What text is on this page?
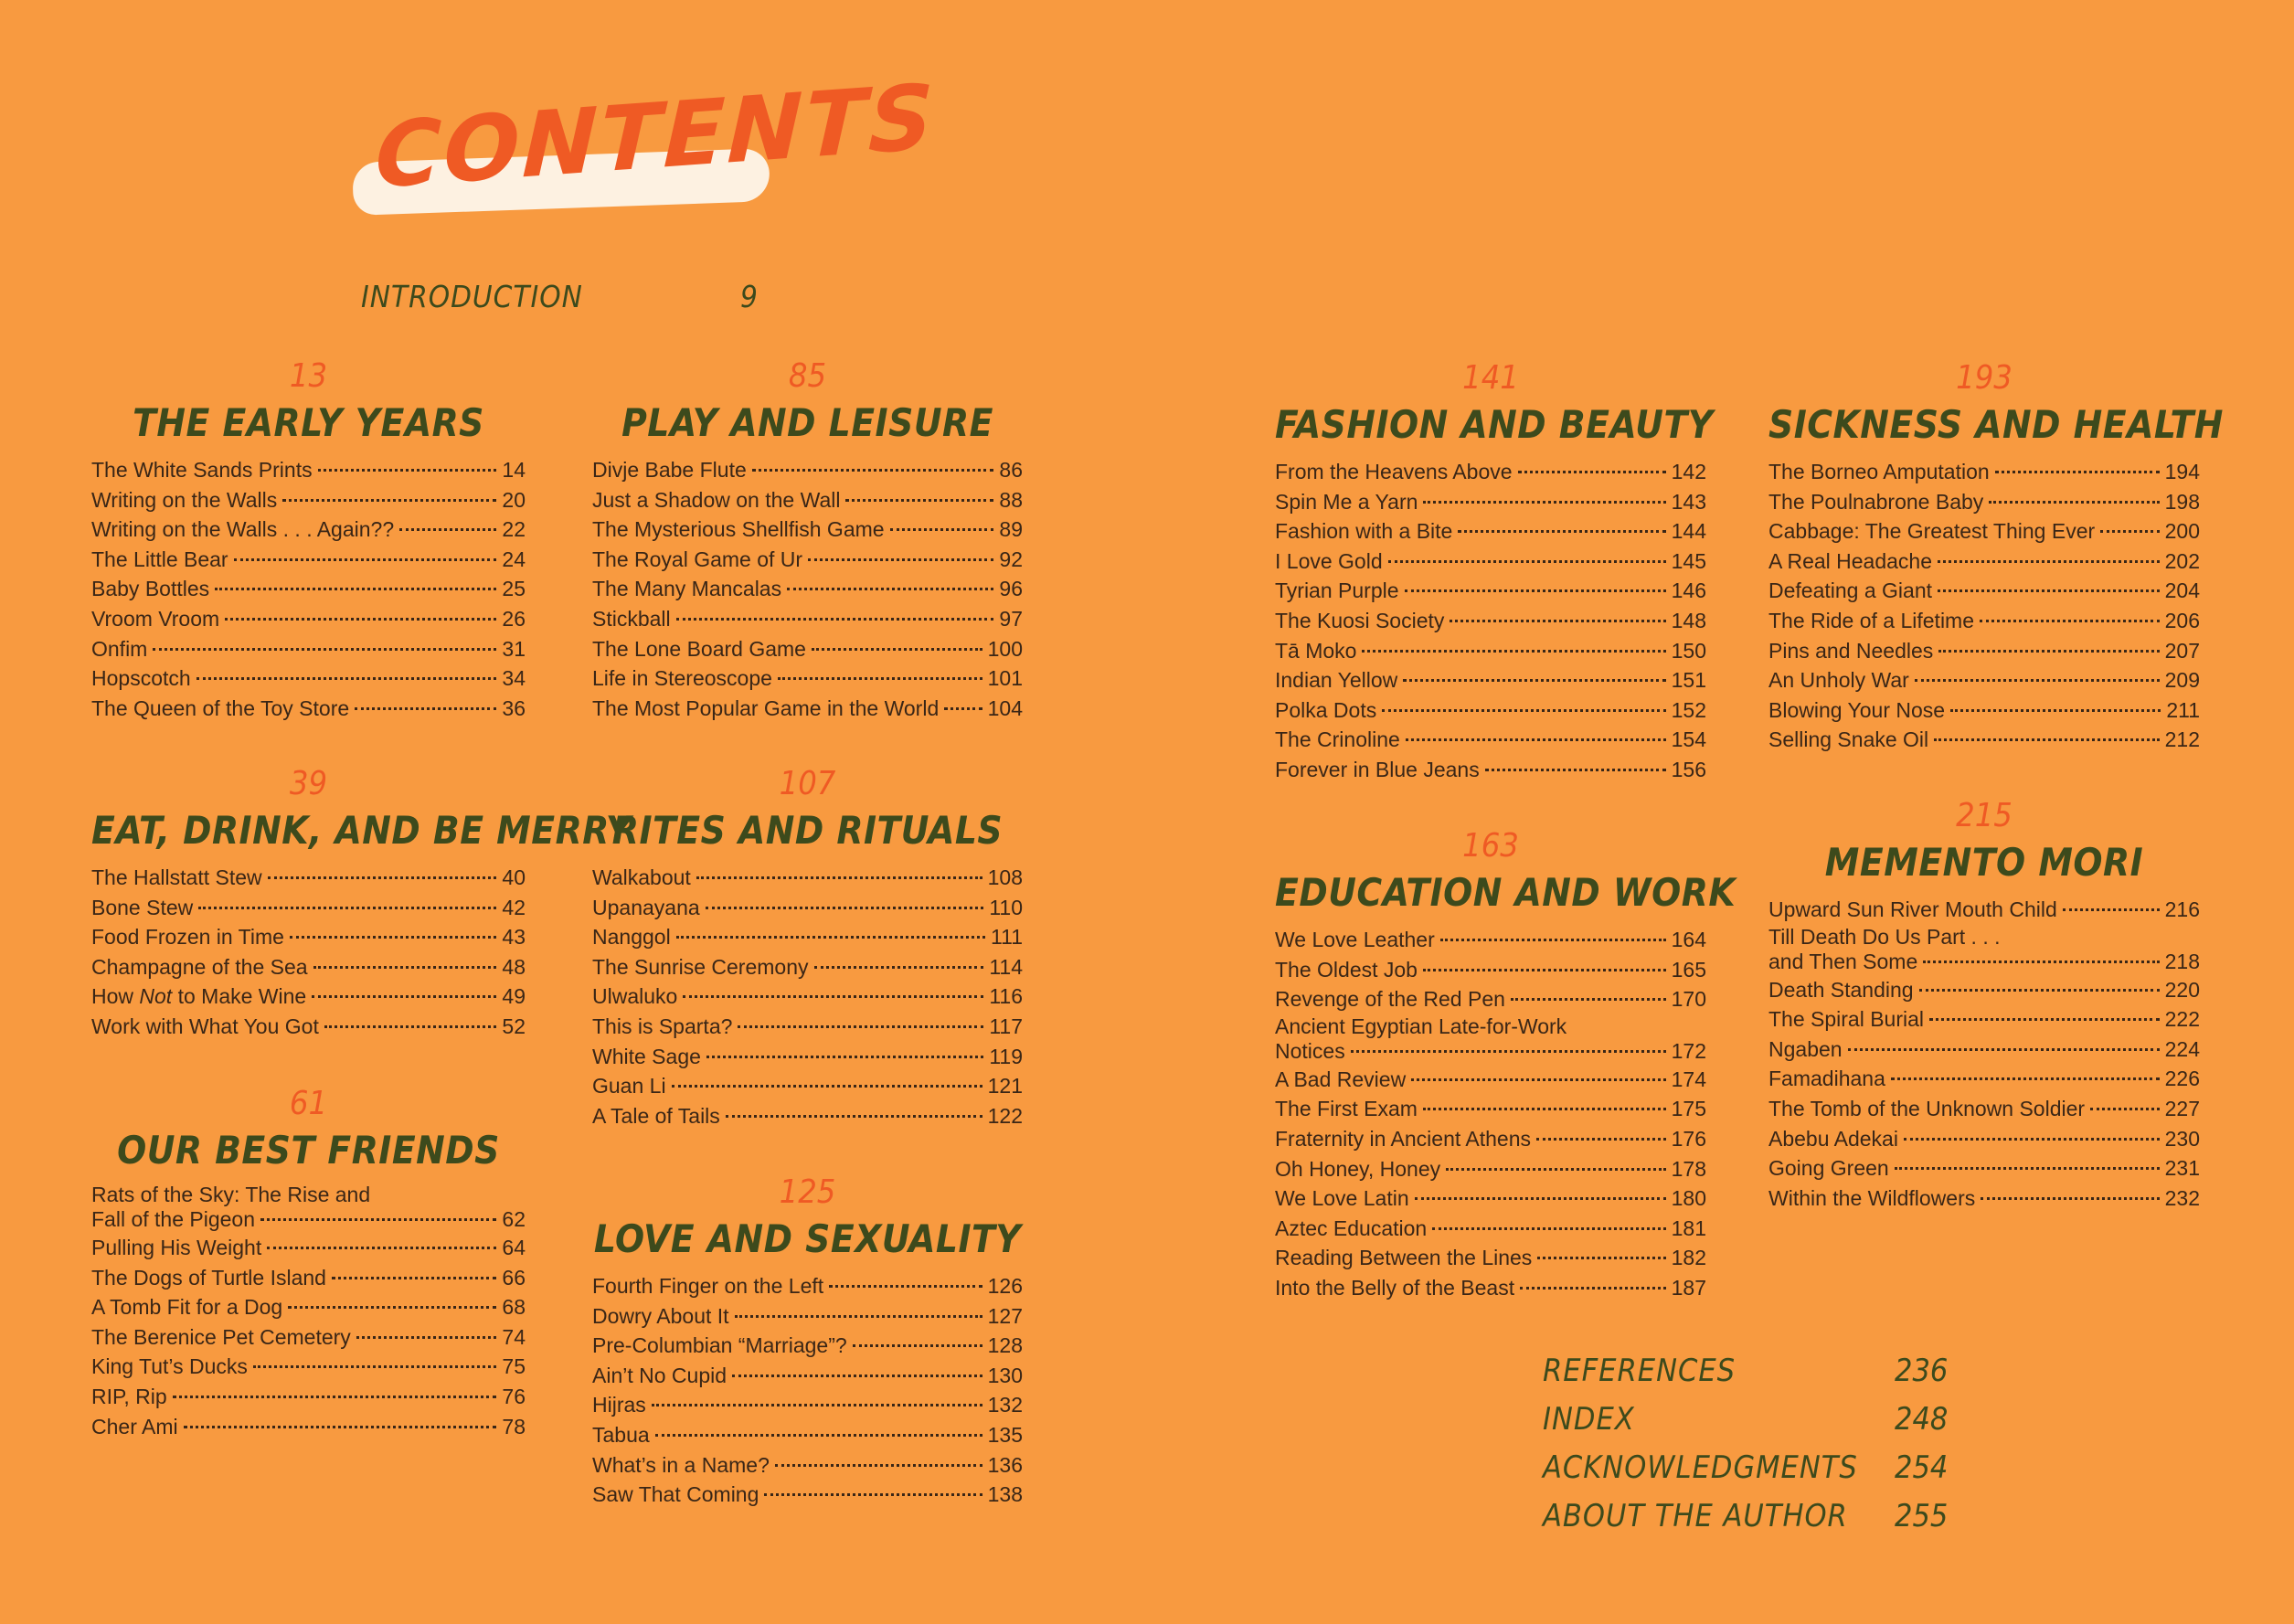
CONTENTS
INTRODUCTION	9
13
THE EARLY YEARS
The White Sands Prints	14
Writing on the Walls	20
Writing on the Walls . . . Again??	22
The Little Bear	24
Baby Bottles	25
Vroom Vroom	26
Onfim	31
Hopscotch	34
The Queen of the Toy Store	36
39
EAT, DRINK, AND BE MERRY
The Hallstatt Stew	40
Bone Stew	42
Food Frozen in Time	43
Champagne of the Sea	48
How Not to Make Wine	49
Work with What You Got	52
61
OUR BEST FRIENDS
Rats of the Sky: The Rise and
Fall of the Pigeon	62
Pulling His Weight	64
The Dogs of Turtle Island	66
A Tomb Fit for a Dog	68
The Berenice Pet Cemetery	74
King Tut’s Ducks	75
RIP, Rip	76
Cher Ami	78
85
PLAY AND LEISURE
Divje Babe Flute	86
Just a Shadow on the Wall	88
The Mysterious Shellfish Game	89
The Royal Game of Ur	92
The Many Mancalas	96
Stickball	97
The Lone Board Game	100
Life in Stereoscope	101
The Most Popular Game in the World 104
107
RITES AND RITUALS
Walkabout	108
Upanayana	110
Nanggol	111
The Sunrise Ceremony	114
Ulwaluko	116
This is Sparta?	117
White Sage	119
Guan Li	121
A Tale of Tails	122
125
LOVE AND SEXUALITY
Fourth Finger on the Left	126
Dowry About It	127
Pre-Columbian “Marriage”?	128
Ain’t No Cupid	130
Hijras	132
Tabua	135
What’s in a Name?	136
Saw That Coming	138
141
FASHION AND BEAUTY
From the Heavens Above	142
Spin Me a Yarn	143
Fashion with a Bite	144
I Love Gold	145
Tyrian Purple	146
The Kuosi Society	148
Tā Moko	150
Indian Yellow	151
Polka Dots	152
The Crinoline	154
Forever in Blue Jeans	156
163
EDUCATION AND WORK
We Love Leather	164
The Oldest Job	165
Revenge of the Red Pen	170
Ancient Egyptian Late-for-Work
Notices	172
A Bad Review	174
The First Exam	175
Fraternity in Ancient Athens	176
Oh Honey, Honey	178
We Love Latin	180
Aztec Education	181
Reading Between the Lines	182
Into the Belly of the Beast	187
193
SICKNESS AND HEALTH
The Borneo Amputation	194
The Poulnabrone Baby	198
Cabbage: The Greatest Thing Ever	200
A Real Headache	202
Defeating a Giant	204
The Ride of a Lifetime	206
Pins and Needles	207
An Unholy War	209
Blowing Your Nose	211
Selling Snake Oil	212
215
MEMENTO MORI
Upward Sun River Mouth Child	216
Till Death Do Us Part . . .
and Then Some	218
Death Standing	220
The Spiral Burial	222
Ngaben	224
Famadihana	226
The Tomb of the Unknown Soldier	227
Abebu Adekai	230
Going Green	231
Within the Wildflowers	232
REFERENCES	236
INDEX	248
ACKNOWLEDGMENTS 254
ABOUT THE AUTHOR 255
